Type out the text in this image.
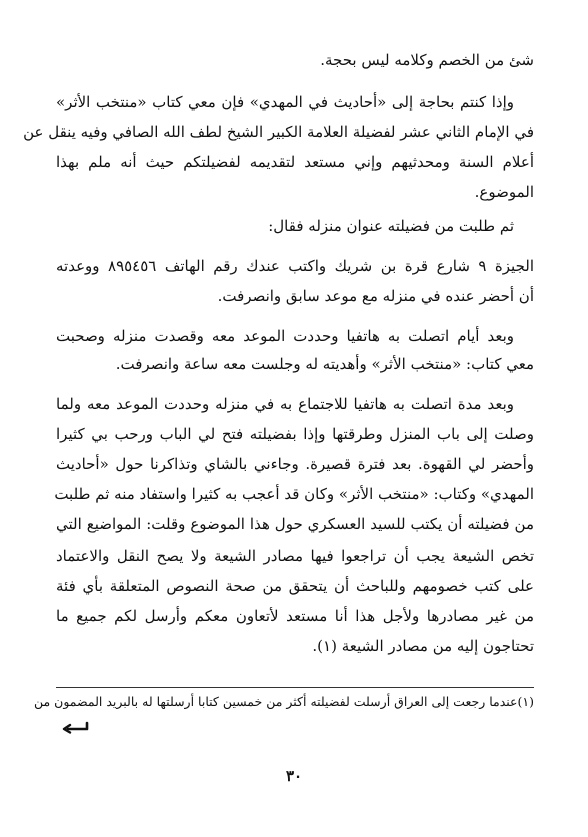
شئ من الخصم وكلامه ليس بحجة.
وإذا كنتم بحاجة إلى «أحاديث في المهدي» فإن معي كتاب «منتخب الأثر»
في الإمام الثاني عشر لفضيلة العلامة الكبير الشيخ لطف الله الصافي وفيه ينقل عن
أعلام السنة ومحدثيهم وإني مستعد لتقديمه لفضيلتكم حيث أنه ملم بهذا
الموضوع.
ثم طلبت من فضيلته عنوان منزله فقال:
الجيزة ٩ شارع قرة بن شريك واكتب عندك رقم الهاتف ٨٩٥٤٥٦ ووعدته
أن أحضر عنده في منزله مع موعد سابق وانصرفت.
وبعد أيام اتصلت به هاتفيا وحددت الموعد معه وقصدت منزله وصحبت
معي كتاب: «منتخب الأثر» وأهديته له وجلست معه ساعة وانصرفت.
وبعد مدة اتصلت به هاتفيا للاجتماع به في منزله وحددت الموعد معه ولما
وصلت إلى باب المنزل وطرقتها وإذا بفضيلته فتح لي الباب ورحب بي كثيرا
وأحضر لي القهوة. بعد فترة قصيرة. وجاءني بالشاي وتذاكرنا حول «أحاديث
المهدي» وكتاب: «منتخب الأثر» وكان قد أعجب به كثيرا واستفاد منه ثم طلبت
من فضيلته أن يكتب للسيد العسكري حول هذا الموضوع وقلت: المواضيع التي
تخص الشيعة يجب أن تراجعوا فيها مصادر الشيعة ولا يصح النقل والاعتماد
على كتب خصومهم وللباحث أن يتحقق من صحة النصوص المتعلقة بأي فئة
من غير مصادرها ولأجل هذا أنا مستعد لأتعاون معكم وأرسل لكم جميع ما
تحتاجون إليه من مصادر الشيعة (١).
(١)عندما رجعت إلى العراق أرسلت لفضيلته أكثر من خمسين كتابا أرسلتها له بالبريد المضمون من
٣٠
